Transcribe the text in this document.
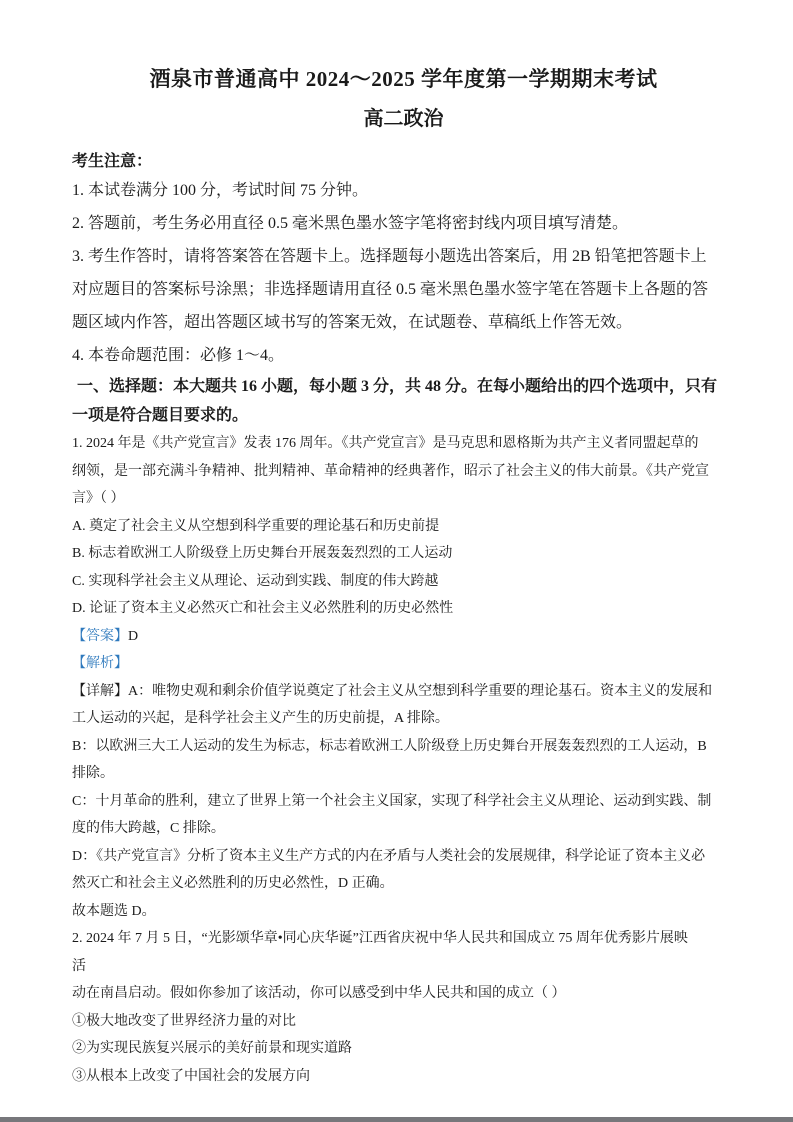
酒泉市普通高中 2024～2025 学年度第一学期期末考试
高二政治
考生注意：
1. 本试卷满分 100 分，考试时间 75 分钟。
2. 答题前，考生务必用直径 0.5 毫米黑色墨水签字笔将密封线内项目填写清楚。
3. 考生作答时，请将答案答在答题卡上。选择题每小题选出答案后，用 2B 铅笔把答题卡上
对应题目的答案标号涂黑；非选择题请用直径 0.5 毫米黑色墨水签字笔在答题卡上各题的答
题区域内作答，超出答题区域书写的答案无效，在试题卷、草稿纸上作答无效。
4. 本卷命题范围：必修 1～4。
一、选择题：本大题共 16 小题，每小题 3 分，共 48 分。在每小题给出的四个选项中，只有
一项是符合题目要求的。
1. 2024 年是《共产党宣言》发表 176 周年。《共产党宣言》是马克思和恩格斯为共产主义者同盟起草的
纲领，是一部充满斗争精神、批判精神、革命精神的经典著作，昭示了社会主义的伟大前景。《共产党宣
言》（ ）
A. 奠定了社会主义从空想到科学重要的理论基石和历史前提
B. 标志着欧洲工人阶级登上历史舞台开展轰轰烈烈的工人运动
C. 实现科学社会主义从理论、运动到实践、制度的伟大跨越
D. 论证了资本主义必然灭亡和社会主义必然胜利的历史必然性
【答案】D
【解析】
【详解】A：唯物史观和剩余价值学说奠定了社会主义从空想到科学重要的理论基石。资本主义的发展和
工人运动的兴起，是科学社会主义产生的历史前提，A 排除。
B：以欧洲三大工人运动的发生为标志，标志着欧洲工人阶级登上历史舞台开展轰轰烈烈的工人运动，B
排除。
C：十月革命的胜利，建立了世界上第一个社会主义国家，实现了科学社会主义从理论、运动到实践、制
度的伟大跨越，C 排除。
D：《共产党宣言》分析了资本主义生产方式的内在矛盾与人类社会的发展规律，科学论证了资本主义必
然灭亡和社会主义必然胜利的历史必然性，D 正确。
故本题选 D。
2. 2024 年 7 月 5 日，“光影颂华章•同心庆华诞”江西省庆祝中华人民共和国成立 75 周年优秀影片展映
活
动在南昌启动。假如你参加了该活动，你可以感受到中华人民共和国的成立（ ）
①极大地改变了世界经济力量的对比
②为实现民族复兴展示的美好前景和现实道路
③从根本上改变了中国社会的发展方向
